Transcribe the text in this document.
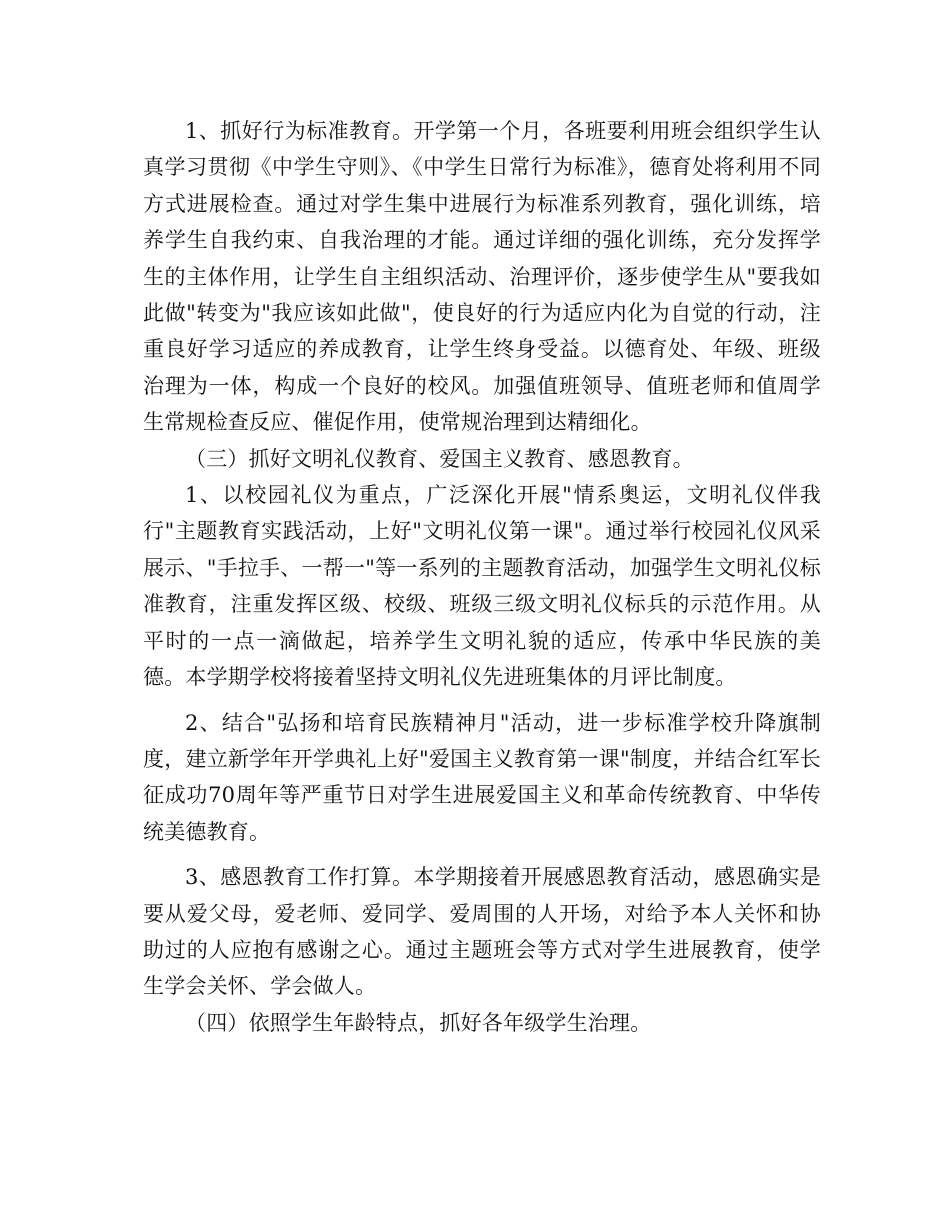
1、抓好行为标准教育。开学第一个月，各班要利用班会组织学生认真学习贯彻《中学生守则》、《中学生日常行为标准》，德育处将利用不同方式进展检查。通过对学生集中进展行为标准系列教育，强化训练，培养学生自我约束、自我治理的才能。通过详细的强化训练，充分发挥学生的主体作用，让学生自主组织活动、治理评价，逐步使学生从"要我如此做"转变为"我应该如此做"，使良好的行为适应内化为自觉的行动，注重良好学习适应的养成教育，让学生终身受益。以德育处、年级、班级治理为一体，构成一个良好的校风。加强值班领导、值班老师和值周学生常规检查反应、催促作用，使常规治理到达精细化。

（三）抓好文明礼仪教育、爱国主义教育、感恩教育。

1、以校园礼仪为重点，广泛深化开展"情系奥运，文明礼仪伴我行"主题教育实践活动，上好"文明礼仪第一课"。通过举行校园礼仪风采展示、"手拉手、一帮一"等一系列的主题教育活动，加强学生文明礼仪标准教育，注重发挥区级、校级、班级三级文明礼仪标兵的示范作用。从平时的一点一滴做起，培养学生文明礼貌的适应，传承中华民族的美德。本学期学校将接着坚持文明礼仪先进班集体的月评比制度。

2、结合"弘扬和培育民族精神月"活动，进一步标准学校升降旗制度，建立新学年开学典礼上好"爱国主义教育第一课"制度，并结合红军长征成功70周年等严重节日对学生进展爱国主义和革命传统教育、中华传统美德教育。

3、感恩教育工作打算。本学期接着开展感恩教育活动，感恩确实是要从爱父母，爱老师、爱同学、爱周围的人开场，对给予本人关怀和协助过的人应抱有感谢之心。通过主题班会等方式对学生进展教育，使学生学会关怀、学会做人。

（四）依照学生年龄特点，抓好各年级学生治理。
